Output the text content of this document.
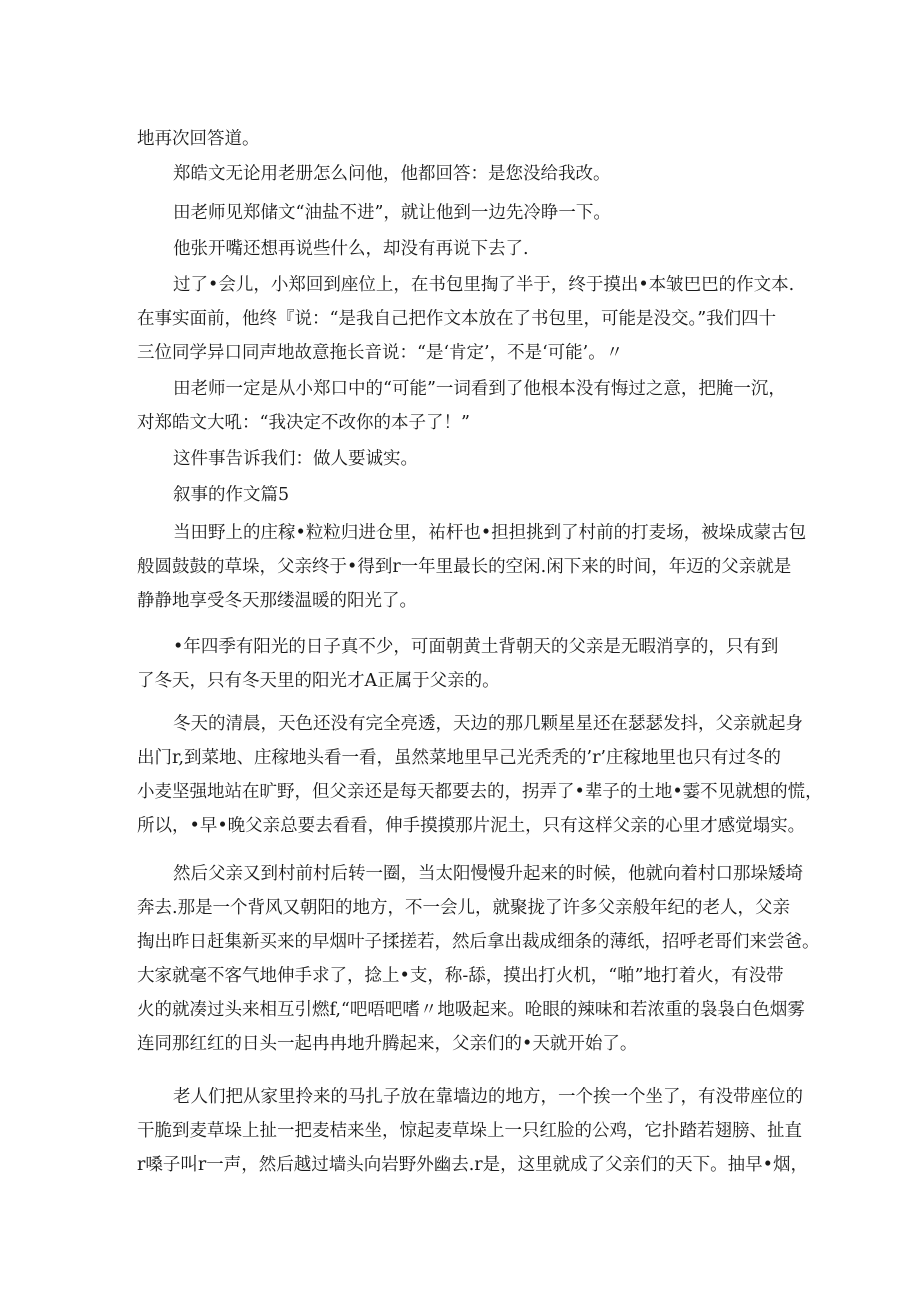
地再次回答道。

郑皓文无论用老册怎么问他，他都回答：是您没给我改。

田老师见郑储文“油盐不进”，就让他到一边先冷睁一下。

他张开嘴还想再说些什么，却没有再说下去了.

过了•会儿，小郑回到座位上，在书包里掏了半于，终于摸出•本皱巴巴的作文本.
在事实面前，他终『说：“是我自己把作文本放在了书包里，可能是没交。”我们四十
三位同学异口同声地故意拖长音说：“是‘肯定’，不是‘可能’。〃

田老师一定是从小郑口中的“可能”一词看到了他根本没有悔过之意，把腌一沉，
对郑皓文大吼：“我决定不改你的本子了！”

这件事告诉我们：做人要诚实。

叙事的作文篇5

当田野上的庄稼•粒粒归进仓里，祐杆也•担担挑到了村前的打麦场，被垛成蒙古包
般圆鼓鼓的草垛，父亲终于•得到r一年里最长的空闲.闲下来的时间，年迈的父亲就是
静静地享受冬天那缕温暖的阳光了。

•年四季有阳光的日子真不少，可面朝黄土背朝天的父亲是无暇消享的，只有到
了冬天，只有冬天里的阳光才A正属于父亲的。

冬天的清晨，天色还没有完全亮透，天边的那几颗星星还在瑟瑟发抖，父亲就起身
出门r,到菜地、庄稼地头看一看，虽然菜地里早己光秃秃的’r’庄稼地里也只有过冬的
小麦坚强地站在旷野，但父亲还是每天都要去的，拐弄了•辈子的土地•霎不见就想的慌，
所以，•早•晚父亲总要去看看，伸手摸摸那片泥土，只有这样父亲的心里才感觉塌实。

然后父亲又到村前村后转一圈，当太阳慢慢升起来的时候，他就向着村口那垛矮埼
奔去.那是一个背风又朝阳的地方，不一会儿，就聚拢了许多父亲般年纪的老人，父亲
掏出昨日赶集新买来的早烟叶子揉搓若，然后拿出裁成细条的薄纸，招呼老哥们来尝爸。
大家就毫不客气地伸手求了，捻上•支，称-舔，摸出打火机，“啪”地打着火，有没带
火的就凑过头来相互引燃f,“吧唔吧嗜〃地吸起来。呛眼的辣味和若浓重的袅袅白色烟雾
连同那红红的日头一起冉冉地升腾起来，父亲们的•天就开始了。

老人们把从家里拎来的马扎子放在靠墙边的地方，一个挨一个坐了，有没带座位的
干脆到麦草垛上扯一把麦桔来坐，惊起麦草垛上一只红脸的公鸡，它扑踏若翅膀、扯直
r嗓子叫r一声，然后越过墙头向岩野外幽去.r是，这里就成了父亲们的天下。抽早•烟，
